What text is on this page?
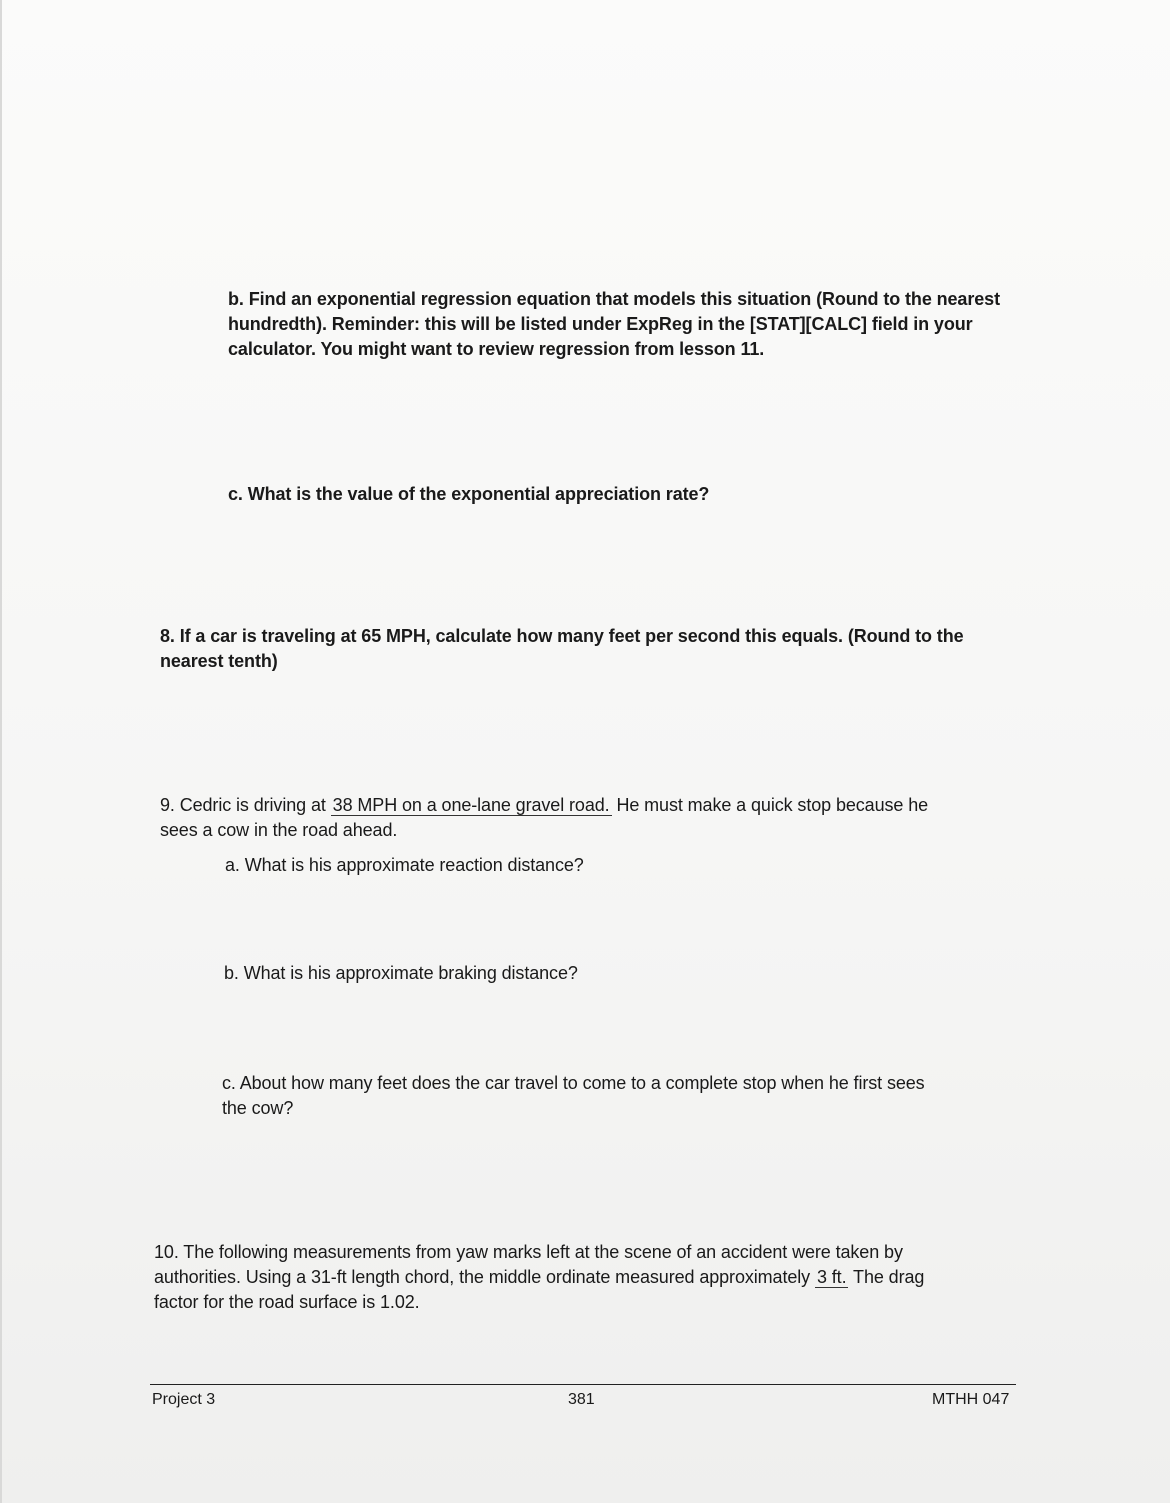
b. Find an exponential regression equation that models this situation (Round to the nearest
hundredth). Reminder: this will be listed under ExpReg in the [STAT][CALC] field in your
calculator. You might want to review regression from lesson 11.
c. What is the value of the exponential appreciation rate?
8. If a car is traveling at 65 MPH, calculate how many feet per second this equals. (Round to the
nearest tenth)
9. Cedric is driving at 38 MPH on a one-lane gravel road. He must make a quick stop because he
sees a cow in the road ahead.
a. What is his approximate reaction distance?
b. What is his approximate braking distance?
c. About how many feet does the car travel to come to a complete stop when he first sees
the cow?
10. The following measurements from yaw marks left at the scene of an accident were taken by
authorities. Using a 31-ft length chord, the middle ordinate measured approximately 3 ft. The drag
factor for the road surface is 1.02.
Project 3	381	MTHH 047
